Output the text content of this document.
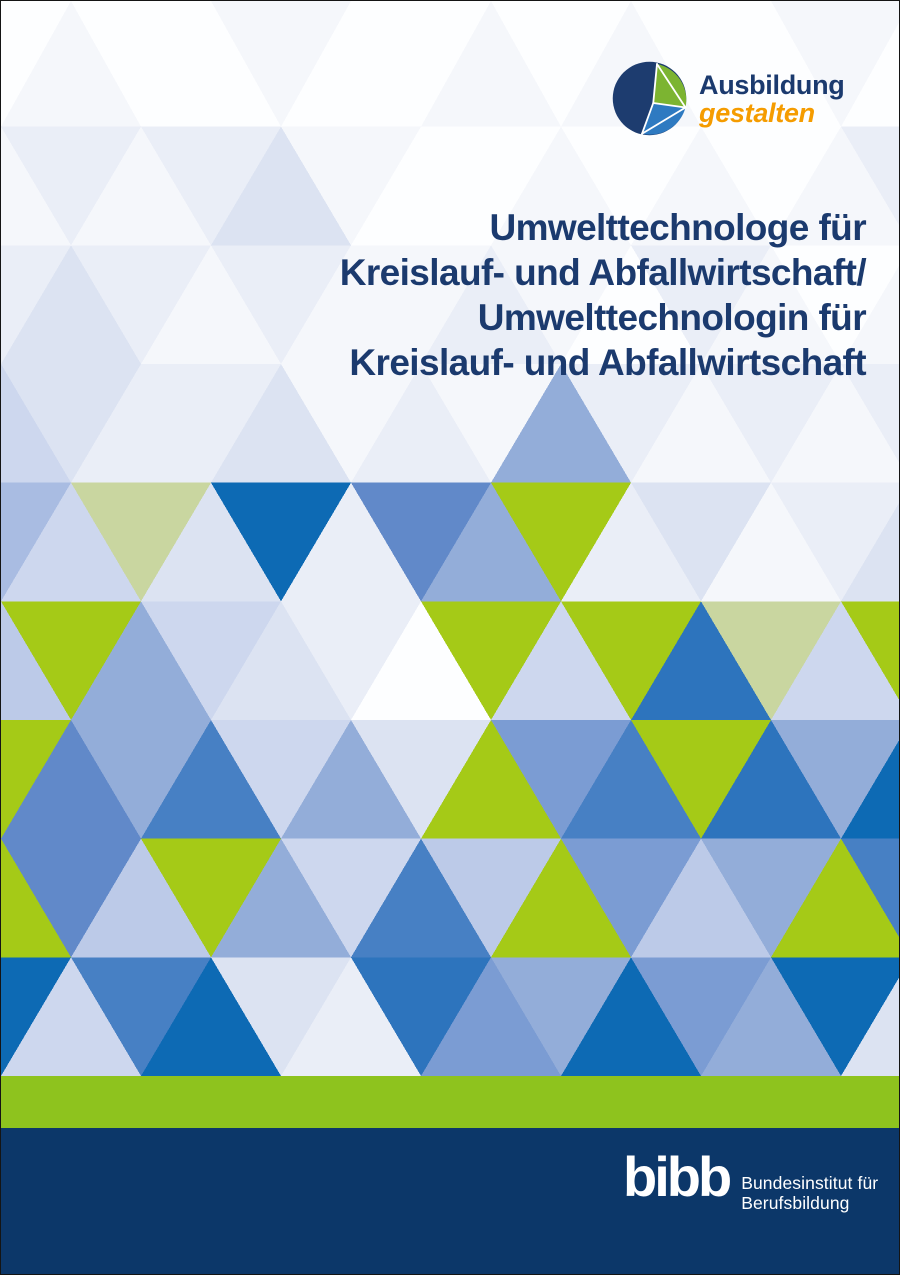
Ausbildung
gestalten
Umwelttechnologe für
Kreislauf- und Abfallwirtschaft/
Umwelttechnologin für
Kreislauf- und Abfallwirtschaft
bibb Bundesinstitut für
Berufsbildung
